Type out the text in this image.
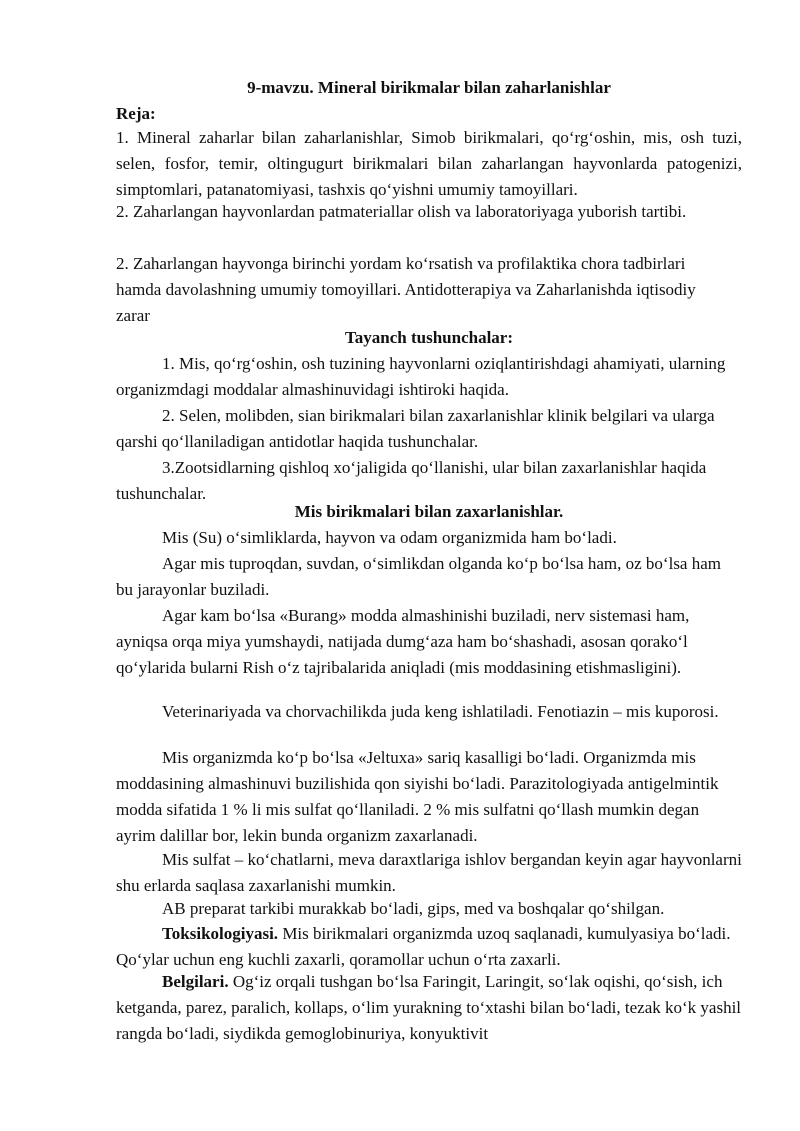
9-mavzu. Mineral birikmalar bilan zaharlanishlar
Reja:
1. Mineral zaharlar bilan zaharlanishlar, Simob birikmalari, qo‘rg‘oshin, mis, osh tuzi, selen, fosfor, temir, oltingugurt birikmalari bilan zaharlangan hayvonlarda patogenizi, simptomlari, patanatomiyasi, tashxis qo‘yishni umumiy tamoyillari.
2. Zaharlangan hayvonlardan patmateriallar olish va laboratoriyaga yuborish tartibi.
2. Zaharlangan hayvonga birinchi yordam ko‘rsatish va profilaktika chora tadbirlari hamda davolashning umumiy tomoyillari. Antidotterapiya va Zaharlanishda iqtisodiy zarar
Tayanch tushunchalar:
1. Mis, qo‘rg‘oshin, osh tuzining hayvonlarni oziqlantirishdagi ahamiyati, ularning organizmdagi moddalar almashinuvidagi ishtiroki haqida.
2. Selen, molibden, sian birikmalari bilan zaxarlanishlar klinik belgilari va ularga qarshi qo‘llaniladigan antidotlar haqida tushunchalar.
3.Zootsidlarning qishloq xo‘jaligida qo‘llanishi, ular bilan zaxarlanishlar haqida tushunchalar.
Mis birikmalari bilan zaxarlanishlar.
Mis (Su) o‘simliklarda, hayvon va odam organizmida ham bo‘ladi.
Agar mis tuproqdan, suvdan, o‘simlikdan olganda ko‘p bo‘lsa ham, oz bo‘lsa ham bu jarayonlar buziladi.
Agar kam bo‘lsa «Burang» modda almashinishi buziladi, nerv sistemasi ham, ayniqsa orqa miya yumshaydi, natijada dumg‘aza ham bo‘shashadi, asosan qorako‘l qo‘ylarida bularni Rish o‘z tajribalarida aniqladi (mis moddasining etishmasligini).
Veterinariyada va chorvachilikda juda keng ishlatiladi. Fenotiazin – mis kuporosi.
Mis organizmda ko‘p bo‘lsa «Jeltuxa» sariq kasalligi bo‘ladi. Organizmda mis moddasining almashinuvi buzilishida qon siyishi bo‘ladi. Parazitologiyada antigelmintik modda sifatida 1 % li mis sulfat qo‘llaniladi. 2 % mis sulfatni qo‘llash mumkin degan ayrim dalillar bor, lekin bunda organizm zaxarlanadi.
Mis sulfat – ko‘chatlarni, meva daraxtlariga ishlov bergandan keyin agar hayvonlarni shu erlarda saqlasa zaxarlanishi mumkin.
AB preparat tarkibi murakkab bo‘ladi, gips, med va boshqalar qo‘shilgan.
Toksikologiyasi. Mis birikmalari organizmda uzoq saqlanadi, kumulyasiya bo‘ladi. Qo‘ylar uchun eng kuchli zaxarli, qoramollar uchun o‘rta zaxarli.
Belgilari. Og‘iz orqali tushgan bo‘lsa Faringit, Laringit, so‘lak oqishi, qo‘sish, ich ketganda, parez, paralich, kollaps, o‘lim yurakning to‘xtashi bilan bo‘ladi, tezak ko‘k yashil rangda bo‘ladi, siydikda gemoglobinuriya, konyuktivit
